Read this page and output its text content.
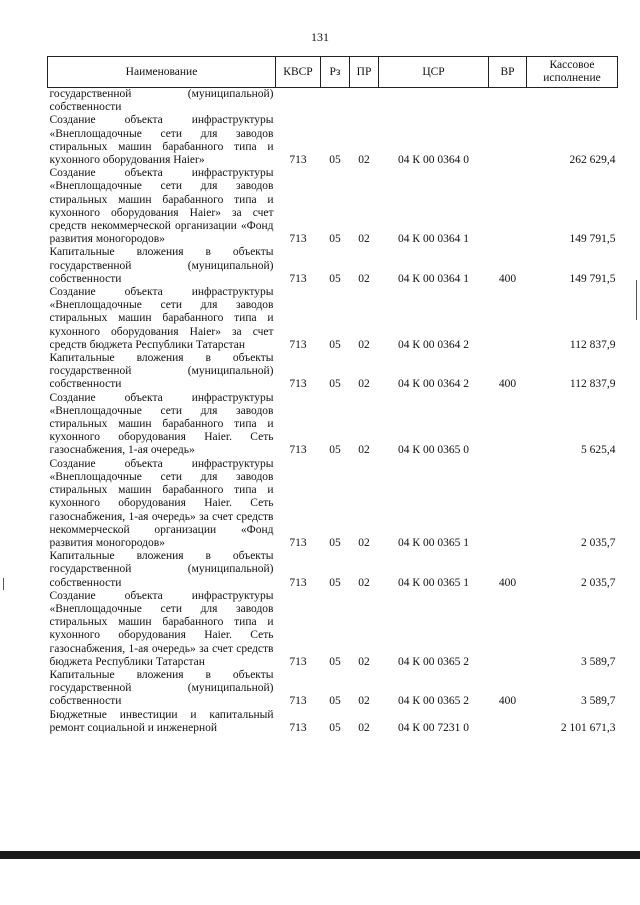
131
Наименование	КВСР	Рз	ПР	ЦСР	ВР	Кассовое исполнение
государственной (муниципальной) собственности						
Создание объекта инфраструктуры «Внеплощадочные сети для заводов стиральных машин барабанного типа и кухонного оборудования Haier»	713	05	02	04 К 00 0364 0		262 629,4
Создание объекта инфраструктуры «Внеплощадочные сети для заводов стиральных машин барабанного типа и кухонного оборудования Haier» за счет средств некоммерческой организации «Фонд развития моногородов»	713	05	02	04 К 00 0364 1		149 791,5
Капитальные вложения в объекты государственной (муниципальной) собственности	713	05	02	04 К 00 0364 1	400	149 791,5
Создание объекта инфраструктуры «Внеплощадочные сети для заводов стиральных машин барабанного типа и кухонного оборудования Haier» за счет средств бюджета Республики Татарстан	713	05	02	04 К 00 0364 2		112 837,9
Капитальные вложения в объекты государственной (муниципальной) собственности	713	05	02	04 К 00 0364 2	400	112 837,9
Создание объекта инфраструктуры «Внеплощадочные сети для заводов стиральных машин барабанного типа и кухонного оборудования Haier. Сеть газоснабжения, 1-ая очередь»	713	05	02	04 К 00 0365 0		5 625,4
Создание объекта инфраструктуры «Внеплощадочные сети для заводов стиральных машин барабанного типа и кухонного оборудования Haier. Сеть газоснабжения, 1-ая очередь» за счет средств некоммерческой организации «Фонд развития моногородов»	713	05	02	04 К 00 0365 1		2 035,7
Капитальные вложения в объекты государственной (муниципальной) собственности	713	05	02	04 К 00 0365 1	400	2 035,7
Создание объекта инфраструктуры «Внеплощадочные сети для заводов стиральных машин барабанного типа и кухонного оборудования Haier. Сеть газоснабжения, 1-ая очередь» за счет средств бюджета Республики Татарстан	713	05	02	04 К 00 0365 2		3 589,7
Капитальные вложения в объекты государственной (муниципальной) собственности	713	05	02	04 К 00 0365 2	400	3 589,7
Бюджетные инвестиции и капитальный ремонт социальной и инженерной	713	05	02	04 К 00 7231 0		2 101 671,3
